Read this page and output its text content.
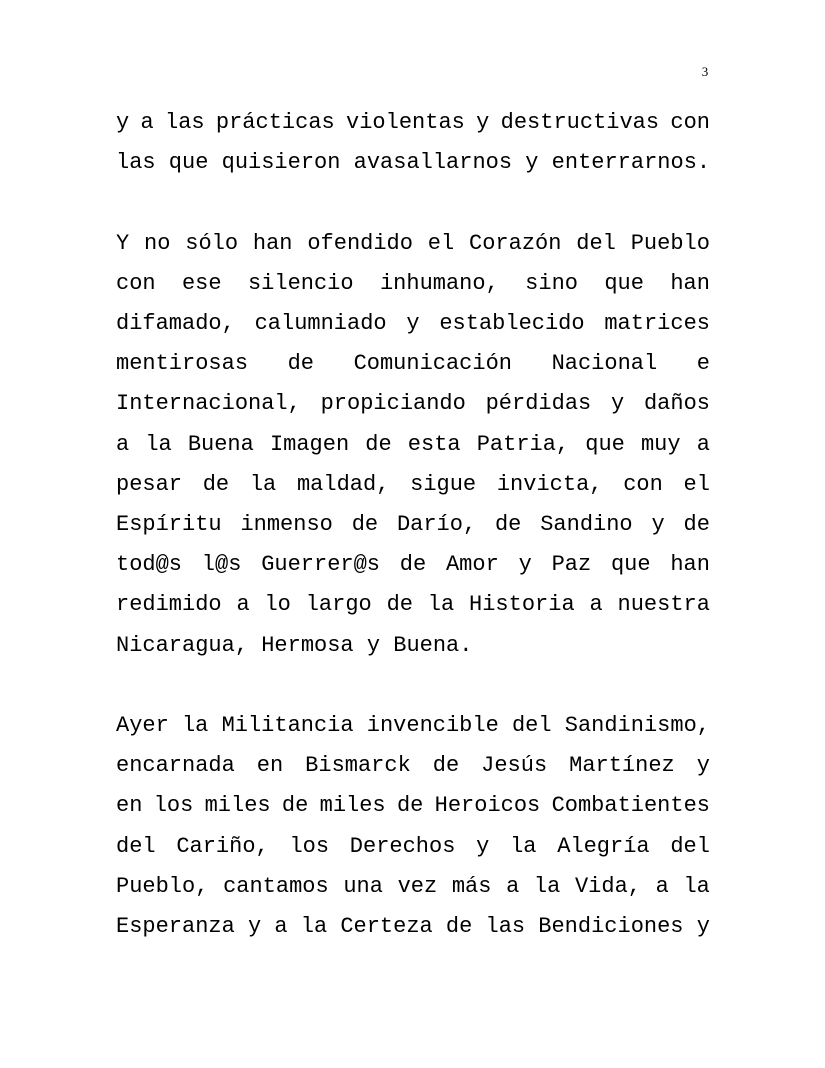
3

y a las prácticas violentas y destructivas con
las que quisieron avasallarnos y enterrarnos.

Y no sólo han ofendido el Corazón del Pueblo
con ese silencio inhumano, sino que han
difamado, calumniado y establecido matrices
mentirosas de Comunicación Nacional e
Internacional, propiciando pérdidas y daños
a la Buena Imagen de esta Patria, que muy a
pesar de la maldad, sigue invicta, con el
Espíritu inmenso de Darío, de Sandino y de
tod@s l@s Guerrer@s de Amor y Paz que han
redimido a lo largo de la Historia a nuestra
Nicaragua, Hermosa y Buena.

Ayer la Militancia invencible del Sandinismo,
encarnada en Bismarck de Jesús Martínez y
en los miles de miles de Heroicos Combatientes
del Cariño, los Derechos y la Alegría del
Pueblo, cantamos una vez más a la Vida, a la
Esperanza y a la Certeza de las Bendiciones y
